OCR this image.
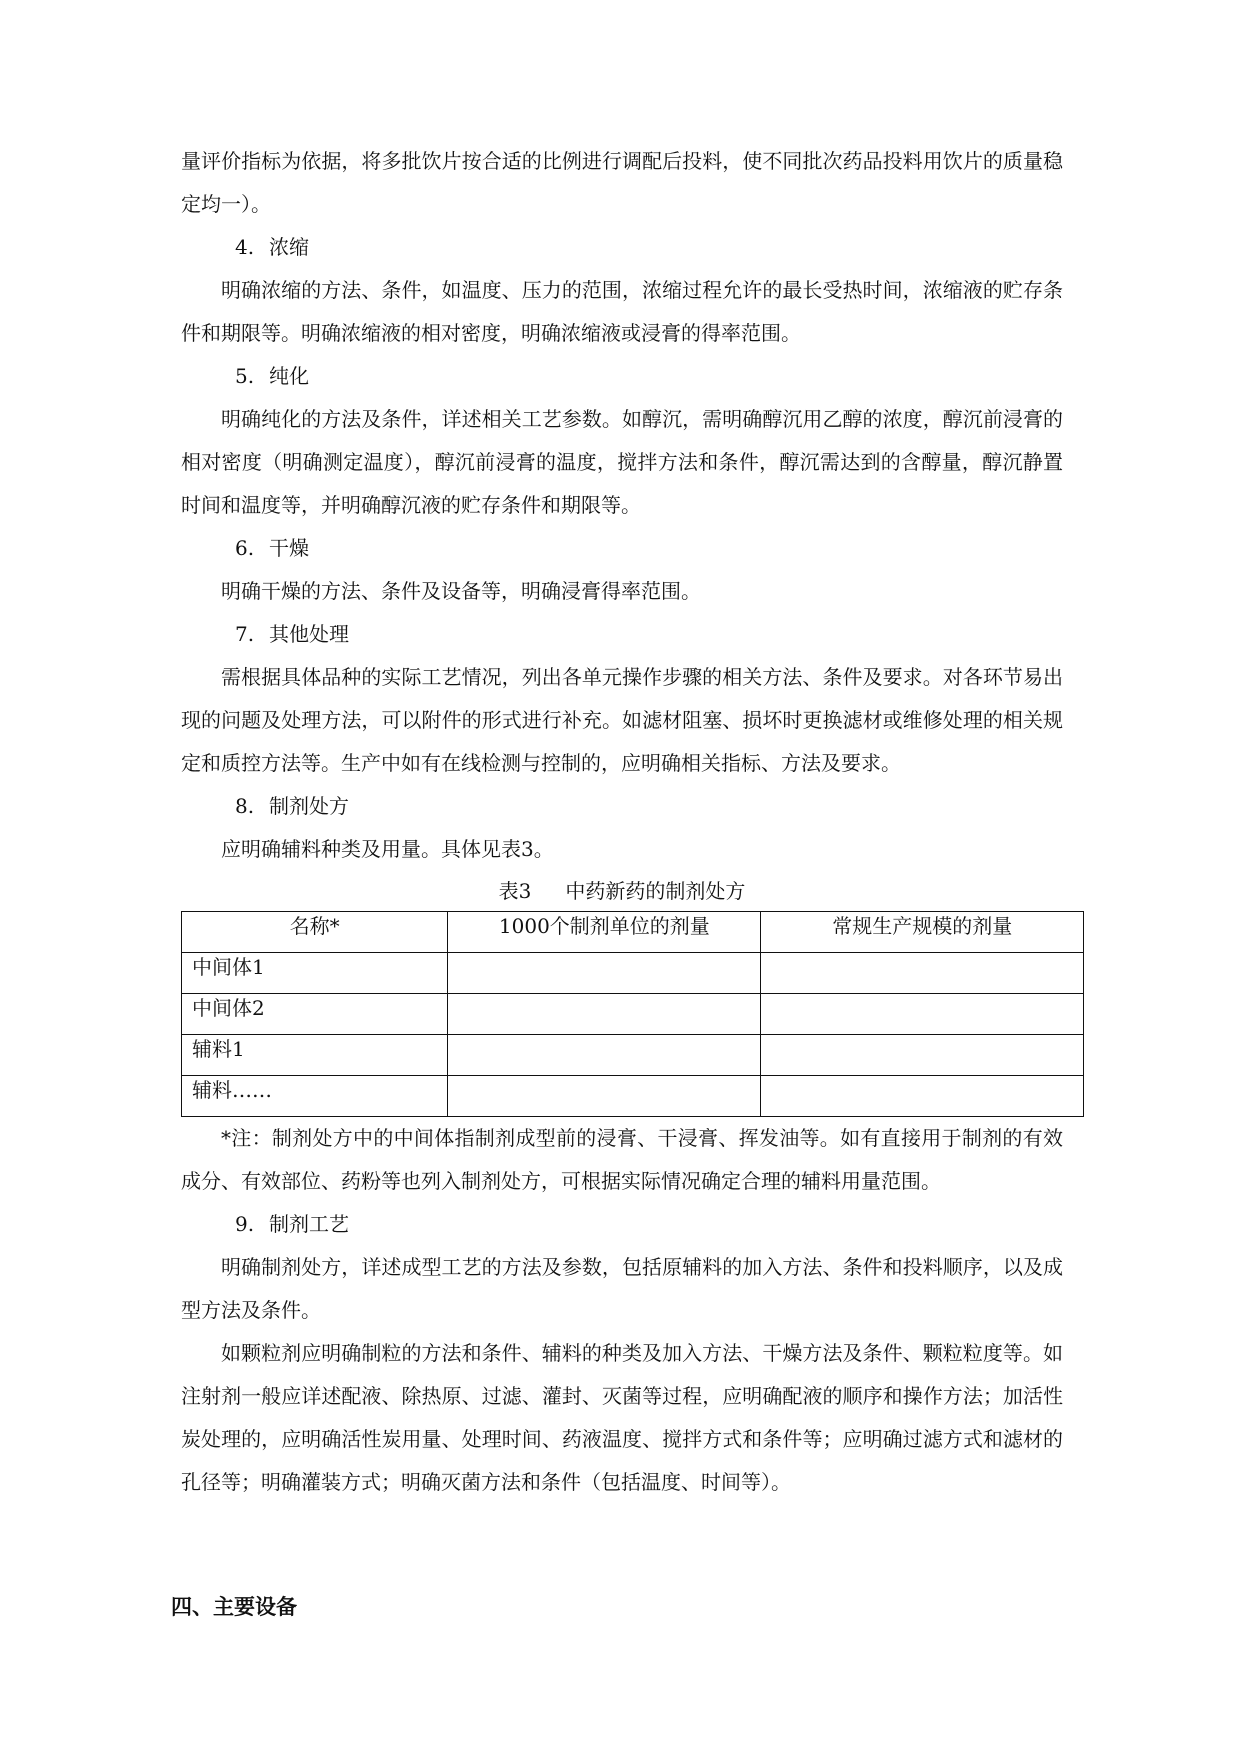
量评价指标为依据，将多批饮片按合适的比例进行调配后投料，使不同批次药品投料用饮片的质量稳定均一）。

4. 浓缩

明确浓缩的方法、条件，如温度、压力的范围，浓缩过程允许的最长受热时间，浓缩液的贮存条件和期限等。明确浓缩液的相对密度，明确浓缩液或浸膏的得率范围。

5. 纯化

明确纯化的方法及条件，详述相关工艺参数。如醇沉，需明确醇沉用乙醇的浓度，醇沉前浸膏的相对密度（明确测定温度），醇沉前浸膏的温度，搅拌方法和条件，醇沉需达到的含醇量，醇沉静置时间和温度等，并明确醇沉液的贮存条件和期限等。

6. 干燥

明确干燥的方法、条件及设备等，明确浸膏得率范围。

7. 其他处理

需根据具体品种的实际工艺情况，列出各单元操作步骤的相关方法、条件及要求。对各环节易出现的问题及处理方法，可以附件的形式进行补充。如滤材阻塞、损坏时更换滤材或维修处理的相关规定和质控方法等。生产中如有在线检测与控制的，应明确相关指标、方法及要求。

8. 制剂处方

应明确辅料种类及用量。具体见表3。

表3 中药新药的制剂处方

名称*	1000个制剂单位的剂量	常规生产规模的剂量
中间体1		
中间体2		
辅料1		
辅料……		

*注：制剂处方中的中间体指制剂成型前的浸膏、干浸膏、挥发油等。如有直接用于制剂的有效成分、有效部位、药粉等也列入制剂处方，可根据实际情况确定合理的辅料用量范围。

9. 制剂工艺

明确制剂处方，详述成型工艺的方法及参数，包括原辅料的加入方法、条件和投料顺序，以及成型方法及条件。

如颗粒剂应明确制粒的方法和条件、辅料的种类及加入方法、干燥方法及条件、颗粒粒度等。如注射剂一般应详述配液、除热原、过滤、灌封、灭菌等过程，应明确配液的顺序和操作方法；加活性炭处理的，应明确活性炭用量、处理时间、药液温度、搅拌方式和条件等；应明确过滤方式和滤材的孔径等；明确灌装方式；明确灭菌方法和条件（包括温度、时间等）。

四、主要设备
